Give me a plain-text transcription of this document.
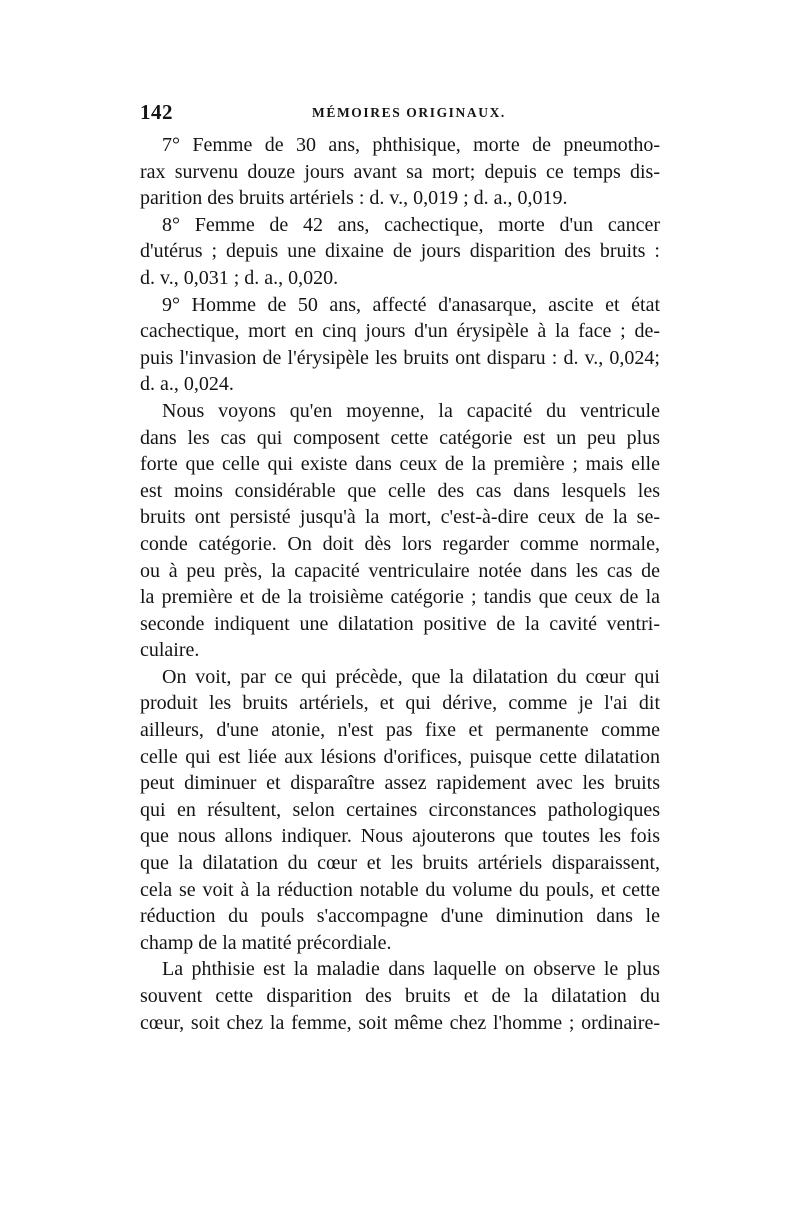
142	MÉMOIRES ORIGINAUX.
7° Femme de 30 ans, phthisique, morte de pneumotho-
rax survenu douze jours avant sa mort; depuis ce temps dis-
parition des bruits artériels : d. v., 0,019 ; d. a., 0,019.
8° Femme de 42 ans, cachectique, morte d'un cancer
d'utérus ; depuis une dixaine de jours disparition des bruits :
d. v., 0,031 ; d. a., 0,020.
9° Homme de 50 ans, affecté d'anasarque, ascite et état
cachectique, mort en cinq jours d'un érysipèle à la face ; de-
puis l'invasion de l'érysipèle les bruits ont disparu : d. v., 0,024;
d. a., 0,024.
Nous voyons qu'en moyenne, la capacité du ventricule
dans les cas qui composent cette catégorie est un peu plus
forte que celle qui existe dans ceux de la première ; mais elle
est moins considérable que celle des cas dans lesquels les
bruits ont persisté jusqu'à la mort, c'est-à-dire ceux de la se-
conde catégorie. On doit dès lors regarder comme normale,
ou à peu près, la capacité ventriculaire notée dans les cas de
la première et de la troisième catégorie ; tandis que ceux de la
seconde indiquent une dilatation positive de la cavité ventri-
culaire.
On voit, par ce qui précède, que la dilatation du cœur qui
produit les bruits artériels, et qui dérive, comme je l'ai dit
ailleurs, d'une atonie, n'est pas fixe et permanente comme
celle qui est liée aux lésions d'orifices, puisque cette dilatation
peut diminuer et disparaître assez rapidement avec les bruits
qui en résultent, selon certaines circonstances pathologiques
que nous allons indiquer. Nous ajouterons que toutes les fois
que la dilatation du cœur et les bruits artériels disparaissent,
cela se voit à la réduction notable du volume du pouls, et cette
réduction du pouls s'accompagne d'une diminution dans le
champ de la matité précordiale.
La phthisie est la maladie dans laquelle on observe le plus
souvent cette disparition des bruits et de la dilatation du
cœur, soit chez la femme, soit même chez l'homme ; ordinaire-
